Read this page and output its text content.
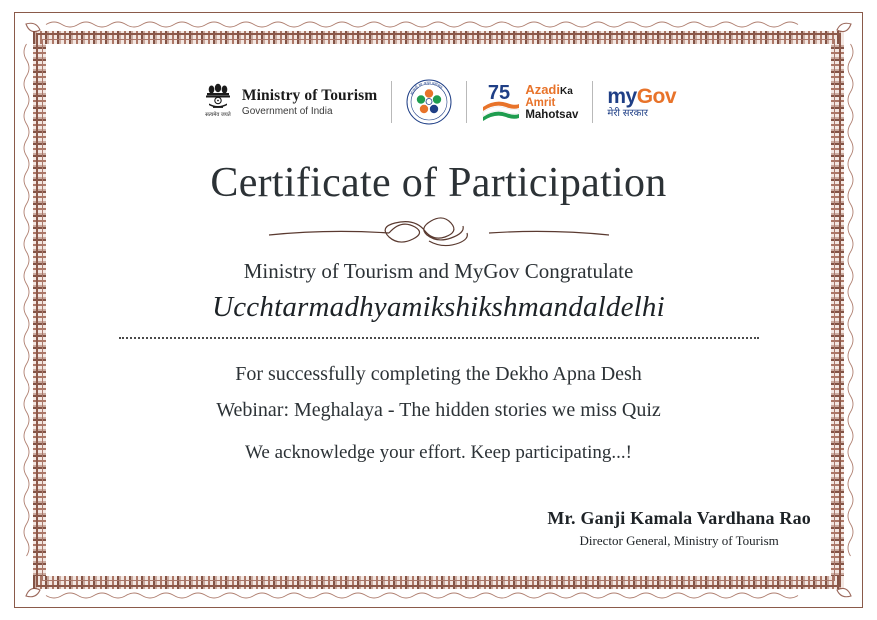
सत्यमेव जयते
Ministry of Tourism
Government of India
आज़ादी का अमृत महोत्सव 75 AzadiKa
Amrit
Mahotsav
myGov
मेरी सरकार
Certificate of Participation
Ministry of Tourism and MyGov Congratulate
Ucchtarmadhyamikshikshmandaldelhi
For successfully completing the Dekho Apna Desh
Webinar: Meghalaya - The hidden stories we miss Quiz
We acknowledge your effort. Keep participating...!
Mr. Ganji Kamala Vardhana Rao
Director General, Ministry of Tourism
